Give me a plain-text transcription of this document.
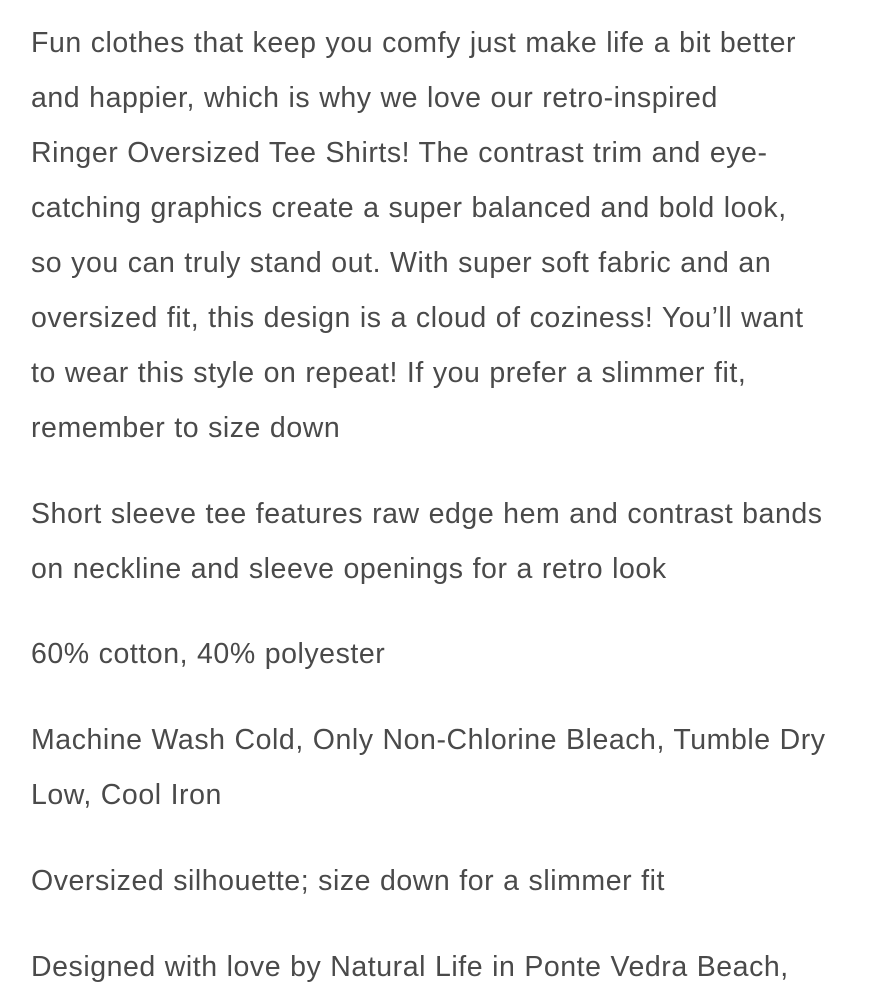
Fun clothes that keep you comfy just make life a bit better
and happier, which is why we love our retro-inspired
Ringer Oversized Tee Shirts! The contrast trim and eye-
catching graphics create a super balanced and bold look,
so you can truly stand out. With super soft fabric and an
oversized fit, this design is a cloud of coziness! You’ll want
to wear this style on repeat! If you prefer a slimmer fit,
remember to size down

Short sleeve tee features raw edge hem and contrast bands
on neckline and sleeve openings for a retro look

60% cotton, 40% polyester

Machine Wash Cold, Only Non-Chlorine Bleach, Tumble Dry
Low, Cool Iron

Oversized silhouette; size down for a slimmer fit

Designed with love by Natural Life in Ponte Vedra Beach,
